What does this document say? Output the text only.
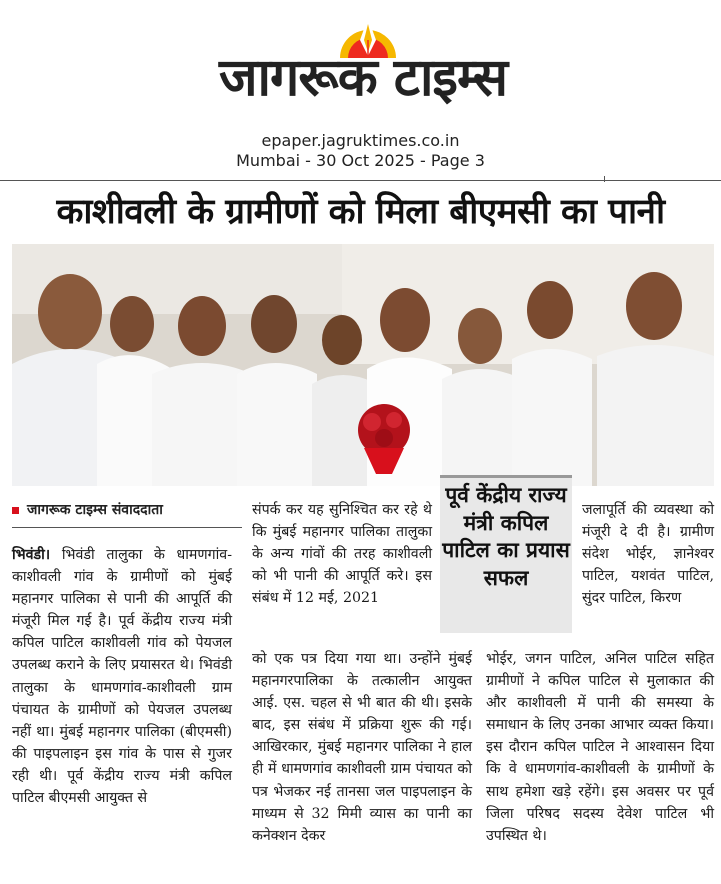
जागरूक टाइम्स
epaper.jagruktimes.co.in
Mumbai - 30 Oct 2025 - Page 3
काशीवली के ग्रामीणों को मिला बीएमसी का पानी
जागरूक टाइम्स संवाददाता

भिवंडी। भिवंडी तालुका के धामणगांव-काशीवली गांव के ग्रामीणों को मुंबई महानगर पालिका से पानी की आपूर्ति की मंजूरी मिल गई है। पूर्व केंद्रीय राज्य मंत्री कपिल पाटिल काशीवली गांव को पेयजल उपलब्ध कराने के लिए प्रयासरत थे। भिवंडी तालुका के धामणगांव-काशीवली ग्राम पंचायत के ग्रामीणों को पेयजल उपलब्ध नहीं था। मुंबई महानगर पालिका (बीएमसी) की पाइपलाइन इस गांव के पास से गुजर रही थी। पूर्व केंद्रीय राज्य मंत्री कपिल पाटिल बीएमसी आयुक्त से

संपर्क कर यह सुनिश्चित कर रहे थे कि मुंबई महानगर पालिका तालुका के अन्य गांवों की तरह काशीवली को भी पानी की आपूर्ति करे। इस संबंध में 12 मई, 2021

को एक पत्र दिया गया था। उन्होंने मुंबई महानगरपालिका के तत्कालीन आयुक्त आई. एस. चहल से भी बात की थी। इसके बाद, इस संबंध में प्रक्रिया शुरू की गई। आखिरकार, मुंबई महानगर पालिका ने हाल ही में धामणगांव काशीवली ग्राम पंचायत को पत्र भेजकर नई तानसा जल पाइपलाइन के माध्यम से 32 मिमी व्यास का पानी का कनेक्शन देकर

पूर्व केंद्रीय राज्य मंत्री कपिल पाटिल का प्रयास सफल

जलापूर्ति की व्यवस्था को मंजूरी दे दी है। ग्रामीण संदेश भोईर, ज्ञानेश्वर पाटिल, यशवंत पाटिल, सुंदर पाटिल, किरण

भोईर, जगन पाटिल, अनिल पाटिल सहित ग्रामीणों ने कपिल पाटिल से मुलाकात की और काशीवली में पानी की समस्या के समाधान के लिए उनका आभार व्यक्त किया। इस दौरान कपिल पाटिल ने आश्वासन दिया कि वे धामणगांव-काशीवली के ग्रामीणों के साथ हमेशा खड़े रहेंगे। इस अवसर पर पूर्व जिला परिषद सदस्य देवेश पाटिल भी उपस्थित थे।
